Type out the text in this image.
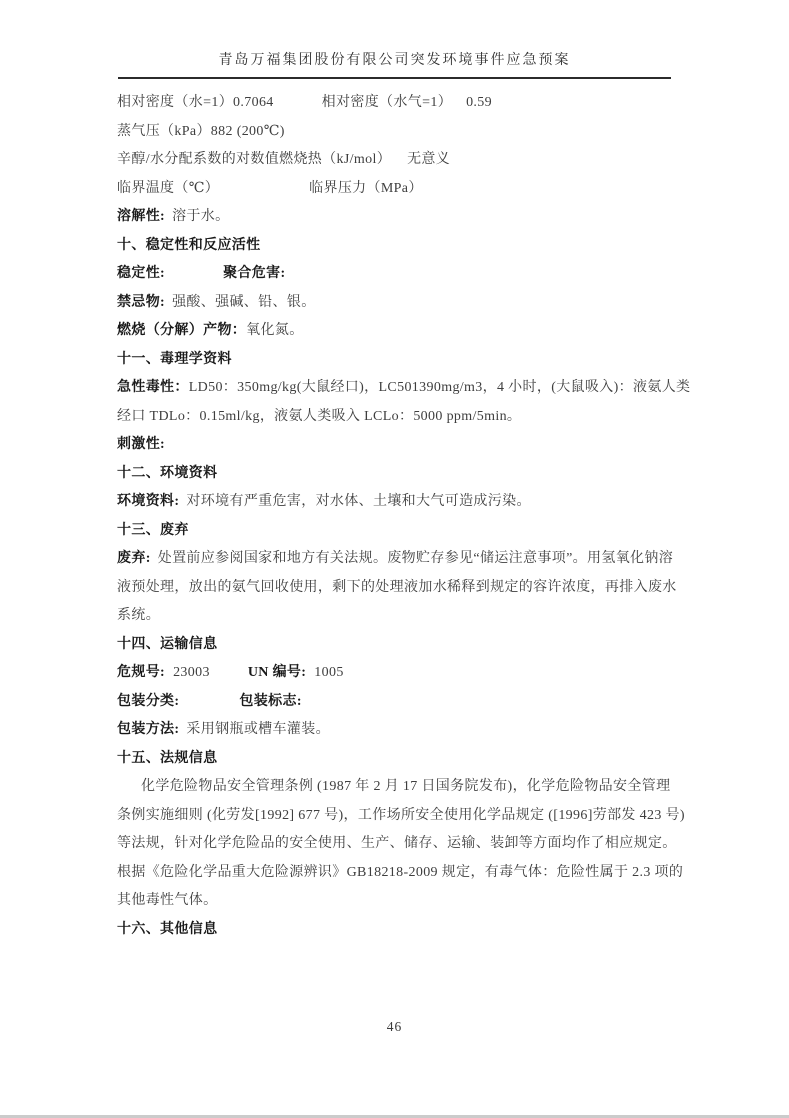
青岛万福集团股份有限公司突发环境事件应急预案
相对密度（水=1）0.7064	相对密度（水气=1） 0.59
蒸气压（kPa）882 (200℃)
辛醇/水分配系数的对数值燃烧热（kJ/mol） 无意义
临界温度（℃）	临界压力（MPa）
溶解性: 溶于水。
十、稳定性和反应活性
稳定性:	聚合危害:
禁忌物: 强酸、强碱、铅、银。
燃烧（分解）产物：氧化氮。
十一、毒理学资料
急性毒性：LD50：350mg/kg(大鼠经口)，LC501390mg/m3，4 小时，(大鼠吸入)：液氨人类
经口 TDLo：0.15ml/kg，液氨人类吸入 LCLo：5000 ppm/5min。
刺激性:
十二、环境资料
环境资料: 对环境有严重危害，对水体、土壤和大气可造成污染。
十三、废弃
废弃: 处置前应参阅国家和地方有关法规。废物贮存参见“储运注意事项”。用氢氧化钠溶
液预处理，放出的氨气回收使用，剩下的处理液加水稀释到规定的容许浓度，再排入废水
系统。
十四、运输信息
危规号: 23003	UN 编号: 1005
包装分类:	包装标志:
包装方法: 采用钢瓶或槽车灌装。
十五、法规信息
化学危险物品安全管理条例 (1987 年 2 月 17 日国务院发布)，化学危险物品安全管理
条例实施细则 (化劳发[1992] 677 号)，工作场所安全使用化学品规定 ([1996]劳部发 423 号)
等法规，针对化学危险品的安全使用、生产、储存、运输、装卸等方面均作了相应规定。
根据《危险化学品重大危险源辨识》GB18218-2009 规定，有毒气体：危险性属于 2.3 项的
其他毒性气体。
十六、其他信息
46
